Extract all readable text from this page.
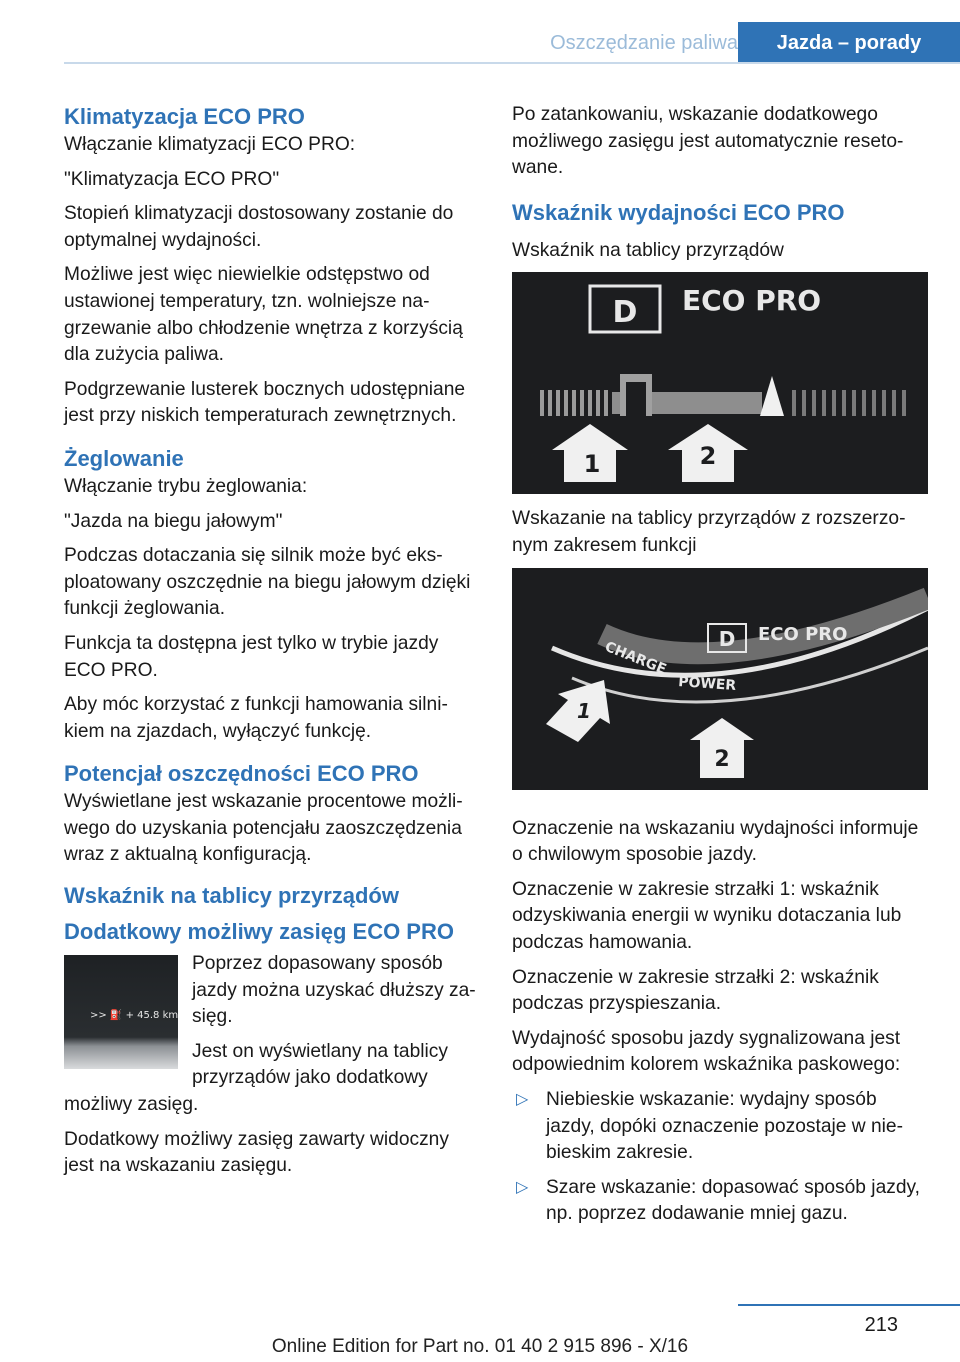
Oszczędzanie paliwa	Jazda – porady
Klimatyzacja ECO PRO

Włączanie klimatyzacji ECO PRO:

"Klimatyzacja ECO PRO"

Stopień klimatyzacji dostosowany zostanie do optymalnej wydajności.

Możliwe jest więc niewielkie odstępstwo od ustawionej temperatury, tzn. wolniejsze nagrzewanie albo chłodzenie wnętrza z korzyścią dla zużycia paliwa.

Podgrzewanie lusterek bocznych udostępniane jest przy niskich temperaturach zewnętrznych.

Żeglowanie

Włączanie trybu żeglowania:

"Jazda na biegu jałowym"

Podczas dotaczania się silnik może być eksploatowany oszczędnie na biegu jałowym dzięki funkcji żeglowania.

Funkcja ta dostępna jest tylko w trybie jazdy ECO PRO.

Aby móc korzystać z funkcji hamowania silnikiem na zjazdach, wyłączyć funkcję.

Potencjał oszczędności ECO PRO

Wyświetlane jest wskazanie procentowe możliwego do uzyskania potencjału zaoszczędzenia wraz z aktualną konfiguracją.

Wskaźnik na tablicy przyrządów
Dodatkowy możliwy zasięg ECO PRO
>> ⛽ + 45.8 km

Poprzez dopasowany sposób jazdy można uzyskać dłuższy zasięg.

Jest on wyświetlany na tablicy przyrządów jako dodatkowy

możliwy zasięg.

Dodatkowy możliwy zasięg zawarty widoczny jest na wskazaniu zasięgu.

Po zatankowaniu, wskazanie dodatkowego możliwego zasięgu jest automatycznie resetowane.

Wskaźnik wydajności ECO PRO

Wskaźnik na tablicy przyrządów

D ECO PRO
1	2

Wskazanie na tablicy przyrządów z rozszerzonym zakresem funkcji

D ECO PRO
CHARGE
POWER
1
2

Oznaczenie na wskazaniu wydajności informuje o chwilowym sposobie jazdy.

Oznaczenie w zakresie strzałki 1: wskaźnik odzyskiwania energii w wyniku dotaczania lub podczas hamowania.

Oznaczenie w zakresie strzałki 2: wskaźnik podczas przyspieszania.

Wydajność sposobu jazdy sygnalizowana jest odpowiednim kolorem wskaźnika paskowego:

▷ Niebieskie wskazanie: wydajny sposób jazdy, dopóki oznaczenie pozostaje w niebieskim zakresie.
▷ Szare wskazanie: dopasować sposób jazdy, np. poprzez dodawanie mniej gazu.
213
Online Edition for Part no. 01 40 2 915 896 - X/16
